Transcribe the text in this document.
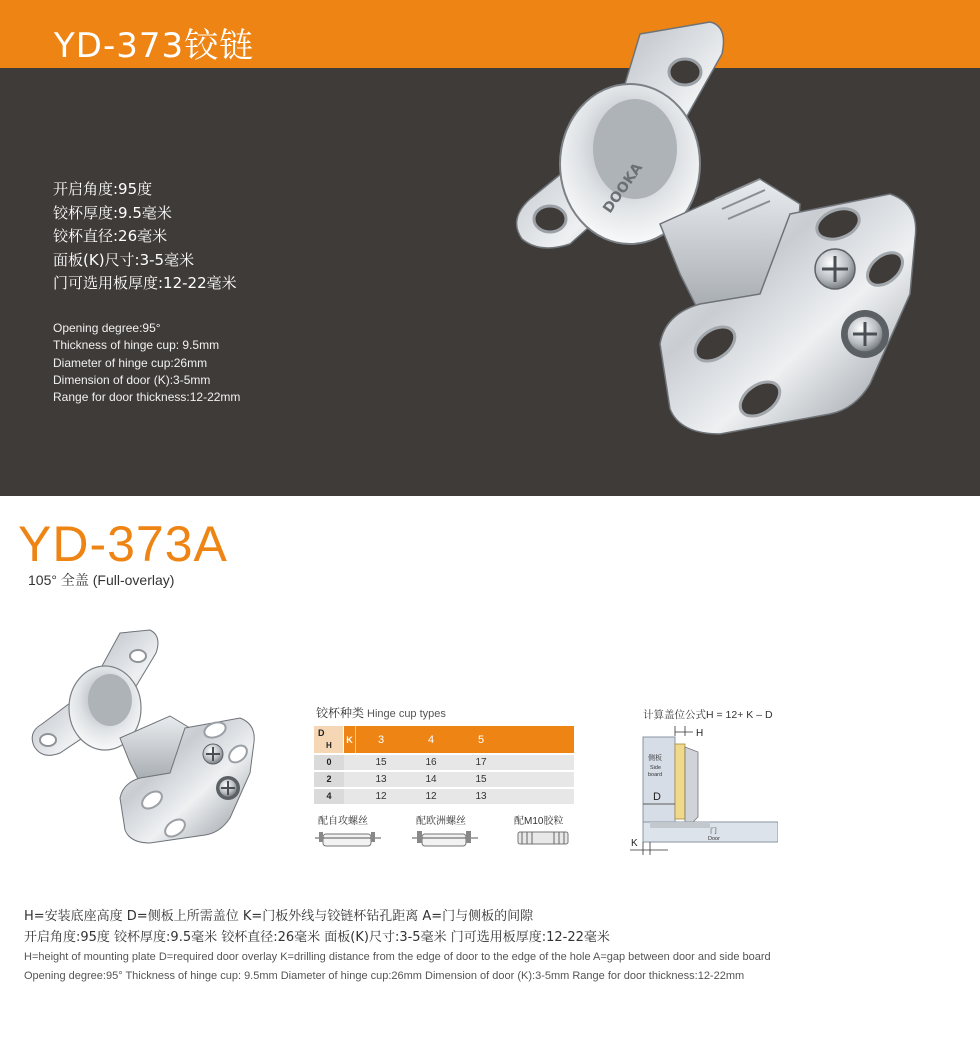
YD-373铰链
开启角度:95度
铰杯厚度:9.5毫米
铰杯直径:26毫米
面板(K)尺寸:3-5毫米
门可选用板厚度:12-22毫米
Opening degree:95°
Thickness of hinge cup: 9.5mm
Diameter of hinge cup:26mm
Dimension of door (K):3-5mm
Range for door thickness:12-22mm
DOOKA
YD-373A
105° 全盖 (Full-overlay)
铰杯种类 Hinge cup types
D
H
K	3	4	5
0	15	16	17
2	13	14	15
4	12	12	13
配自攻螺丝	配欧洲螺丝	配M10胶粒
计算盖位公式H = 12+ K – D
H
D
K
侧板
Side
board
门
Door
H=安装底座高度 D=侧板上所需盖位 K=门板外线与铰链杯钻孔距离 A=门与侧板的间隙
开启角度:95度 铰杯厚度:9.5毫米 铰杯直径:26毫米 面板(K)尺寸:3-5毫米 门可选用板厚度:12-22毫米
H=height of mounting plate D=required door overlay K=drilling distance from the edge of door to the edge of the hole A=gap between door and side board
Opening degree:95° Thickness of hinge cup: 9.5mm Diameter of hinge cup:26mm Dimension of door (K):3-5mm Range for door thickness:12-22mm
